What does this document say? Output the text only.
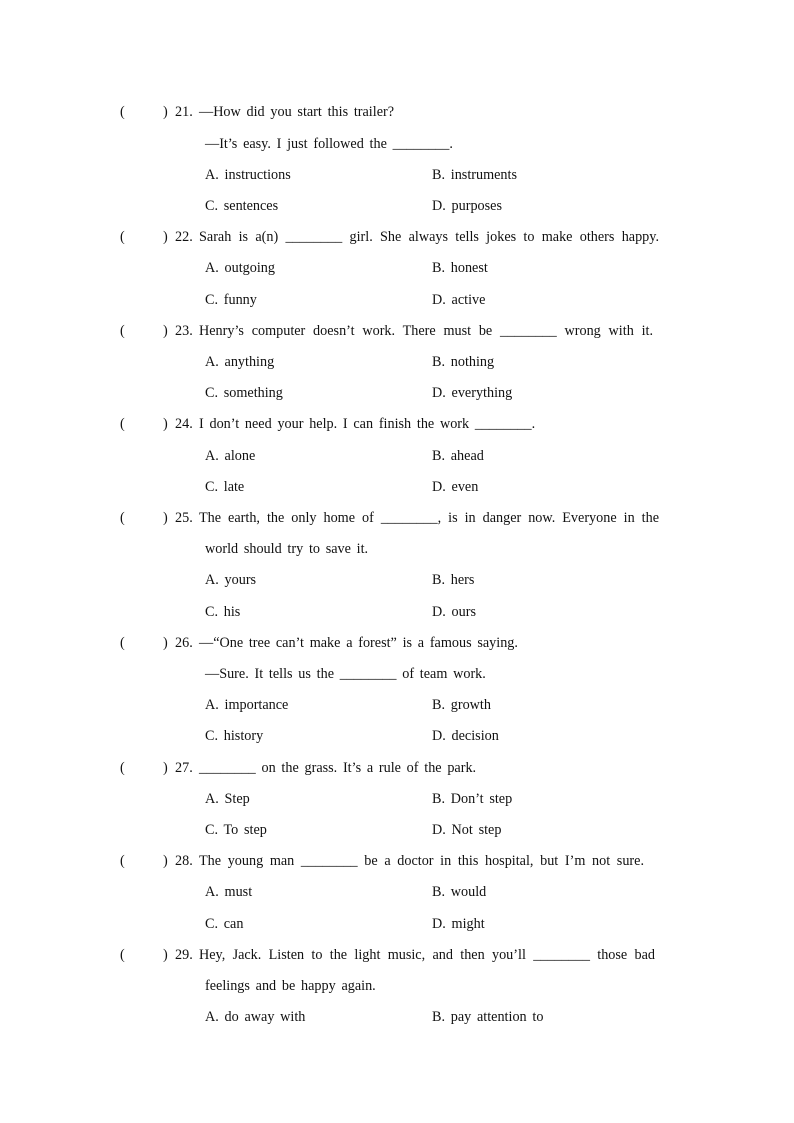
(	) 21. —How did you start this trailer?
—It’s easy. I just followed the ________.
A. instructions	B. instruments
C. sentences	D. purposes
(	) 22. Sarah is a(n) ________ girl. She always tells jokes to make others happy.
A. outgoing	B. honest
C. funny	D. active
(	) 23. Henry’s computer doesn’t work. There must be ________ wrong with it.
A. anything	B. nothing
C. something	D. everything
(	) 24. I don’t need your help. I can finish the work ________.
A. alone	B. ahead
C. late	D. even
(	) 25. The earth, the only home of ________, is in danger now. Everyone in the
world should try to save it.
A. yours	B. hers
C. his	D. ours
(	) 26. —“One tree can’t make a forest” is a famous saying.
—Sure. It tells us the ________ of team work.
A. importance	B. growth
C. history	D. decision
(	) 27. ________ on the grass. It’s a rule of the park.
A. Step	B. Don’t step
C. To step	D. Not step
(	) 28. The young man ________ be a doctor in this hospital, but I’m not sure.
A. must	B. would
C. can	D. might
(	) 29. Hey, Jack. Listen to the light music, and then you’ll ________ those bad
feelings and be happy again.
A. do away with	B. pay attention to
